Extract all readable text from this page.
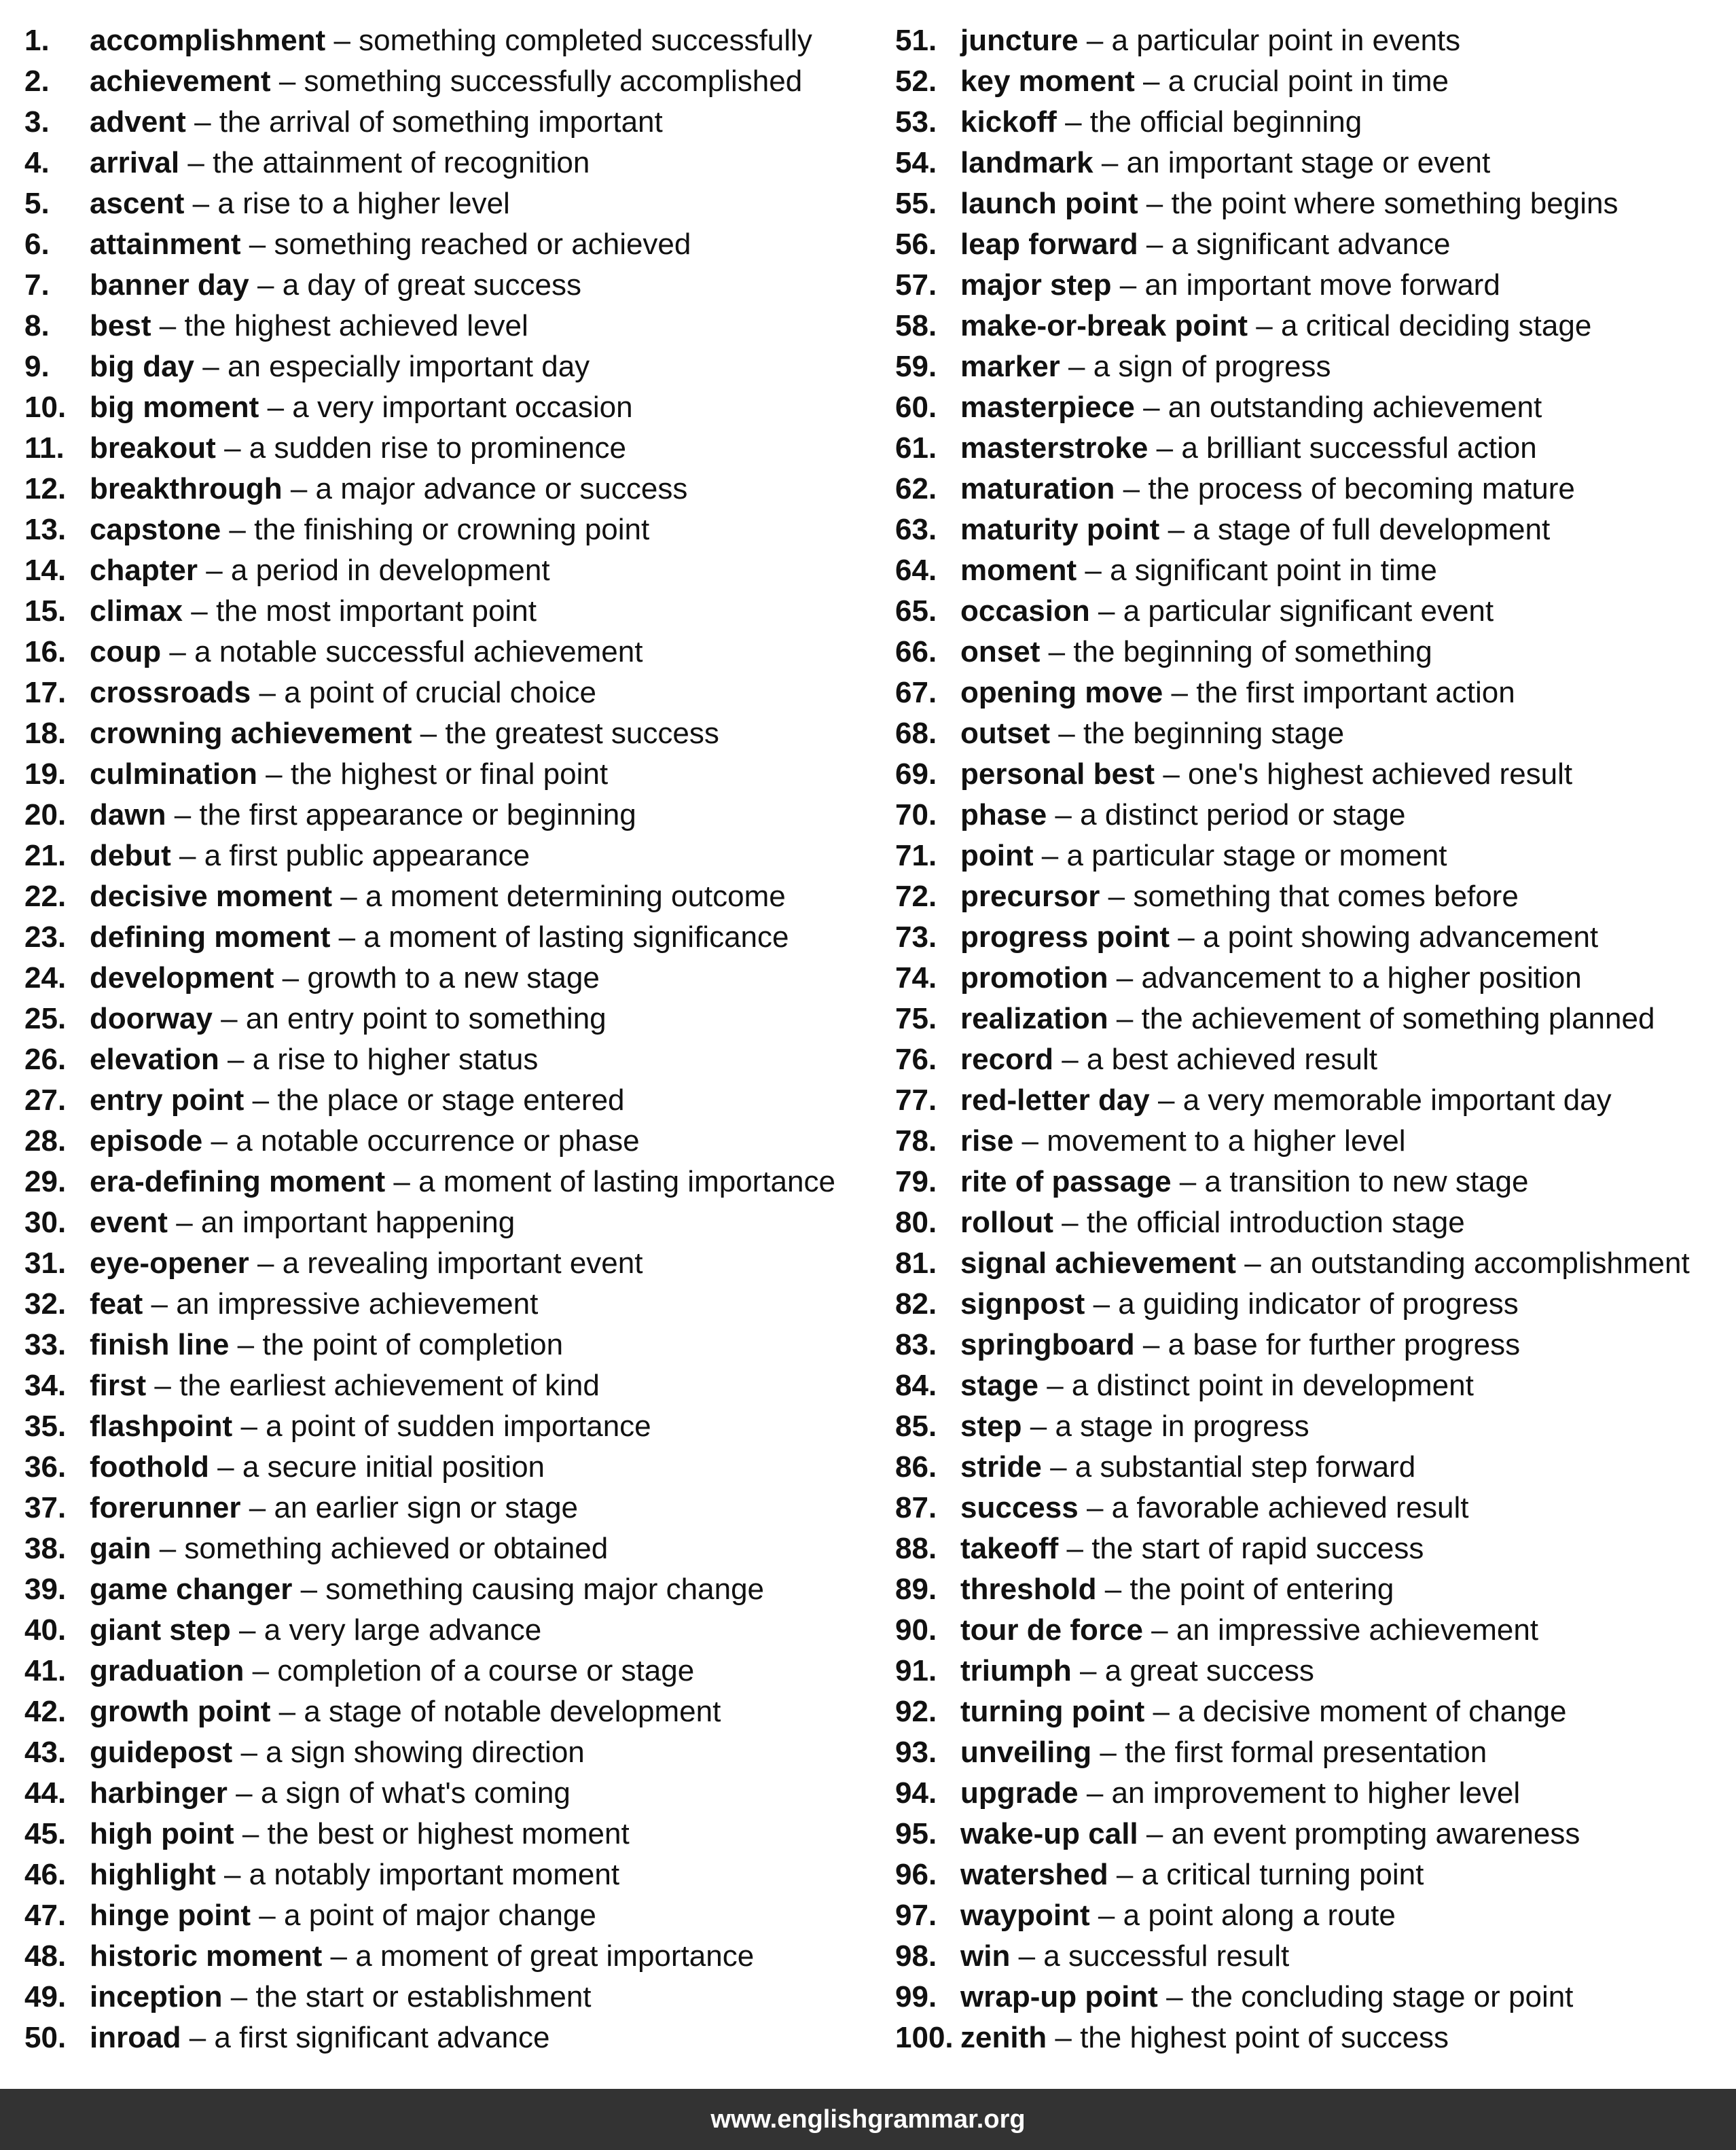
1. accomplishment – something completed successfully
2. achievement – something successfully accomplished
3. advent – the arrival of something important
4. arrival – the attainment of recognition
5. ascent – a rise to a higher level
6. attainment – something reached or achieved
7. banner day – a day of great success
8. best – the highest achieved level
9. big day – an especially important day
10. big moment – a very important occasion
11. breakout – a sudden rise to prominence
12. breakthrough – a major advance or success
13. capstone – the finishing or crowning point
14. chapter – a period in development
15. climax – the most important point
16. coup – a notable successful achievement
17. crossroads – a point of crucial choice
18. crowning achievement – the greatest success
19. culmination – the highest or final point
20. dawn – the first appearance or beginning
21. debut – a first public appearance
22. decisive moment – a moment determining outcome
23. defining moment – a moment of lasting significance
24. development – growth to a new stage
25. doorway – an entry point to something
26. elevation – a rise to higher status
27. entry point – the place or stage entered
28. episode – a notable occurrence or phase
29. era-defining moment – a moment of lasting importance
30. event – an important happening
31. eye-opener – a revealing important event
32. feat – an impressive achievement
33. finish line – the point of completion
34. first – the earliest achievement of kind
35. flashpoint – a point of sudden importance
36. foothold – a secure initial position
37. forerunner – an earlier sign or stage
38. gain – something achieved or obtained
39. game changer – something causing major change
40. giant step – a very large advance
41. graduation – completion of a course or stage
42. growth point – a stage of notable development
43. guidepost – a sign showing direction
44. harbinger – a sign of what's coming
45. high point – the best or highest moment
46. highlight – a notably important moment
47. hinge point – a point of major change
48. historic moment – a moment of great importance
49. inception – the start or establishment
50. inroad – a first significant advance
51. juncture – a particular point in events
52. key moment – a crucial point in time
53. kickoff – the official beginning
54. landmark – an important stage or event
55. launch point – the point where something begins
56. leap forward – a significant advance
57. major step – an important move forward
58. make-or-break point – a critical deciding stage
59. marker – a sign of progress
60. masterpiece – an outstanding achievement
61. masterstroke – a brilliant successful action
62. maturation – the process of becoming mature
63. maturity point – a stage of full development
64. moment – a significant point in time
65. occasion – a particular significant event
66. onset – the beginning of something
67. opening move – the first important action
68. outset – the beginning stage
69. personal best – one's highest achieved result
70. phase – a distinct period or stage
71. point – a particular stage or moment
72. precursor – something that comes before
73. progress point – a point showing advancement
74. promotion – advancement to a higher position
75. realization – the achievement of something planned
76. record – a best achieved result
77. red-letter day – a very memorable important day
78. rise – movement to a higher level
79. rite of passage – a transition to new stage
80. rollout – the official introduction stage
81. signal achievement – an outstanding accomplishment
82. signpost – a guiding indicator of progress
83. springboard – a base for further progress
84. stage – a distinct point in development
85. step – a stage in progress
86. stride – a substantial step forward
87. success – a favorable achieved result
88. takeoff – the start of rapid success
89. threshold – the point of entering
90. tour de force – an impressive achievement
91. triumph – a great success
92. turning point – a decisive moment of change
93. unveiling – the first formal presentation
94. upgrade – an improvement to higher level
95. wake-up call – an event prompting awareness
96. watershed – a critical turning point
97. waypoint – a point along a route
98. win – a successful result
99. wrap-up point – the concluding stage or point
100. zenith – the highest point of success
www.englishgrammar.org
